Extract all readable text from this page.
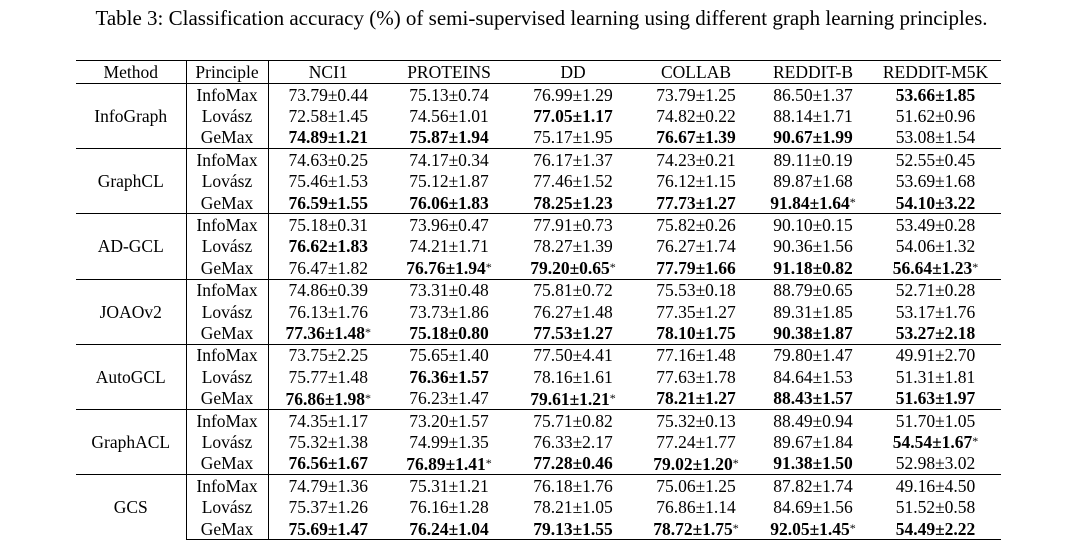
Table 3: Classification accuracy (%) of semi-supervised learning using different graph learning principles.
Method	Principle	NCI1	PROTEINS	DD	COLLAB	REDDIT-B	REDDIT-M5K
InfoGraph	InfoMax	73.79±0.44	75.13±0.74	76.99±1.29	73.79±1.25	86.50±1.37	53.66±1.85
	Lovász	72.58±1.45	74.56±1.01	77.05±1.17	74.82±0.22	88.14±1.71	51.62±0.96
	GeMax	74.89±1.21	75.87±1.94	75.17±1.95	76.67±1.39	90.67±1.99	53.08±1.54
GraphCL	InfoMax	74.63±0.25	74.17±0.34	76.17±1.37	74.23±0.21	89.11±0.19	52.55±0.45
	Lovász	75.46±1.53	75.12±1.87	77.46±1.52	76.12±1.15	89.87±1.68	53.69±1.68
	GeMax	76.59±1.55	76.06±1.83	78.25±1.23	77.73±1.27	91.84±1.64*	54.10±3.22
AD-GCL	InfoMax	75.18±0.31	73.96±0.47	77.91±0.73	75.82±0.26	90.10±0.15	53.49±0.28
	Lovász	76.62±1.83	74.21±1.71	78.27±1.39	76.27±1.74	90.36±1.56	54.06±1.32
	GeMax	76.47±1.82	76.76±1.94*	79.20±0.65*	77.79±1.66	91.18±0.82	56.64±1.23*
JOAOv2	InfoMax	74.86±0.39	73.31±0.48	75.81±0.72	75.53±0.18	88.79±0.65	52.71±0.28
	Lovász	76.13±1.76	73.73±1.86	76.27±1.48	77.35±1.27	89.31±1.85	53.17±1.76
	GeMax	77.36±1.48*	75.18±0.80	77.53±1.27	78.10±1.75	90.38±1.87	53.27±2.18
AutoGCL	InfoMax	73.75±2.25	75.65±1.40	77.50±4.41	77.16±1.48	79.80±1.47	49.91±2.70
	Lovász	75.77±1.48	76.36±1.57	78.16±1.61	77.63±1.78	84.64±1.53	51.31±1.81
	GeMax	76.86±1.98*	76.23±1.47	79.61±1.21*	78.21±1.27	88.43±1.57	51.63±1.97
GraphACL	InfoMax	74.35±1.17	73.20±1.57	75.71±0.82	75.32±0.13	88.49±0.94	51.70±1.05
	Lovász	75.32±1.38	74.99±1.35	76.33±2.17	77.24±1.77	89.67±1.84	54.54±1.67*
	GeMax	76.56±1.67	76.89±1.41*	77.28±0.46	79.02±1.20*	91.38±1.50	52.98±3.02
GCS	InfoMax	74.79±1.36	75.31±1.21	76.18±1.76	75.06±1.25	87.82±1.74	49.16±4.50
	Lovász	75.37±1.26	76.16±1.28	78.21±1.05	76.86±1.14	84.69±1.56	51.52±0.58
	GeMax	75.69±1.47	76.24±1.04	79.13±1.55	78.72±1.75*	92.05±1.45*	54.49±2.22
